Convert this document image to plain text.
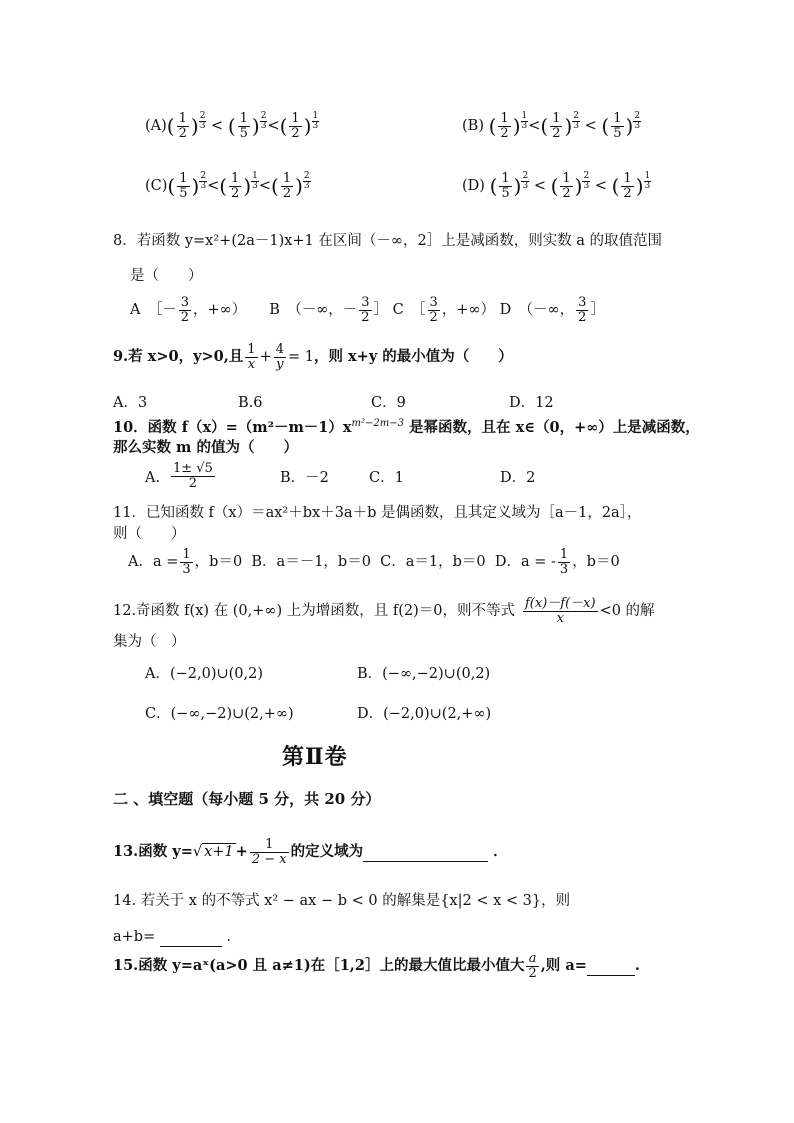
$(A)( \frac{1}{2}$ ) $\frac{2}{3}$ < ( $\frac{1}{5}$ ) $\frac{2}{3}$ <( $\frac{1}{2}$ ) $\frac{1}{3}$	(B) ( $\frac{1}{2}$ ) $\frac{1}{3}$ <( $\frac{1}{2}$ ) $\frac{2}{3}$ < ( $\frac{1}{5}$ ) $\frac{2}{3}$
$(C)( \frac{1}{5}$ ) $\frac{2}{3}$ <( $\frac{1}{2}$ ) $\frac{1}{3}$ <( $\frac{1}{2}$ ) $\frac{2}{3}$	(D) ( $\frac{1}{5}$ ) $\frac{2}{3}$ < ( $\frac{1}{2}$ ) $\frac{2}{3}$ < ( $\frac{1}{2}$ ) $\frac{1}{3}$
8．若函数 y=x²+(2a－1)x+1 在区间（－∞，2］上是减函数，则实数 a 的取值范围
是（　　）
A　［－ $\frac{3}{2}$ ，+∞） B　（－∞，－ $\frac{3}{2}$ ］ C　［ $\frac{3}{2}$ ，+∞） D　（－∞， $\frac{3}{2}$ ］
9.若 x>0，y>0,且 $\frac{1}{x} + \frac{4}{y} = 1$，则 x+y 的最小值为（　　）
A．3	B.6	C．9	D．12
10．函数 $f(x)=(m^2-m-1)x^{m^2-2m-3}$ 是幂函数，且在 x∈（0，+∞）上是减函数，
那么实数 m 的值为（　　）
A. $\frac{1\pm √5}{2}$	B．－2	C．1	D．2
11．已知函数 f（x）＝ax²＋bx＋3a＋b 是偶函数，且其定义域为［a－1，2a］，
则（　　）
A．$a = \frac{1}{3}$ ，b＝0 B．a＝－1，b＝0 C．a＝1，b＝0 D．a = - $\frac{1}{3}$ ，b＝0
12.奇函数 f(x) 在 (0,+∞) 上为增函数，且 f(2)＝0，则不等式 $\frac{f(x)-f(-x)}{x} <0$ 的解
集为（　）
A．(−2,0)∪(0,2)	B．(−∞,−2)∪(0,2)
C．(−∞,−2)∪(2,+∞)	D．(−2,0)∪(2,+∞)
第Ⅱ卷
二 、填空题（每小题 5 分，共 20 分）
13.函数 y=√ $x+1 + \frac{1}{2 - x}$ 的定义域为	．
14. 若关于 x 的不等式 x² − ax − b < 0 的解集是{x|2 < x < 3}，则
a+b=	．
15.函数 y=aˣ(a>0 且 a≠1)在［1,2］上的最大值比最小值大 $\frac{a}{2}$ ,则 a=	.
